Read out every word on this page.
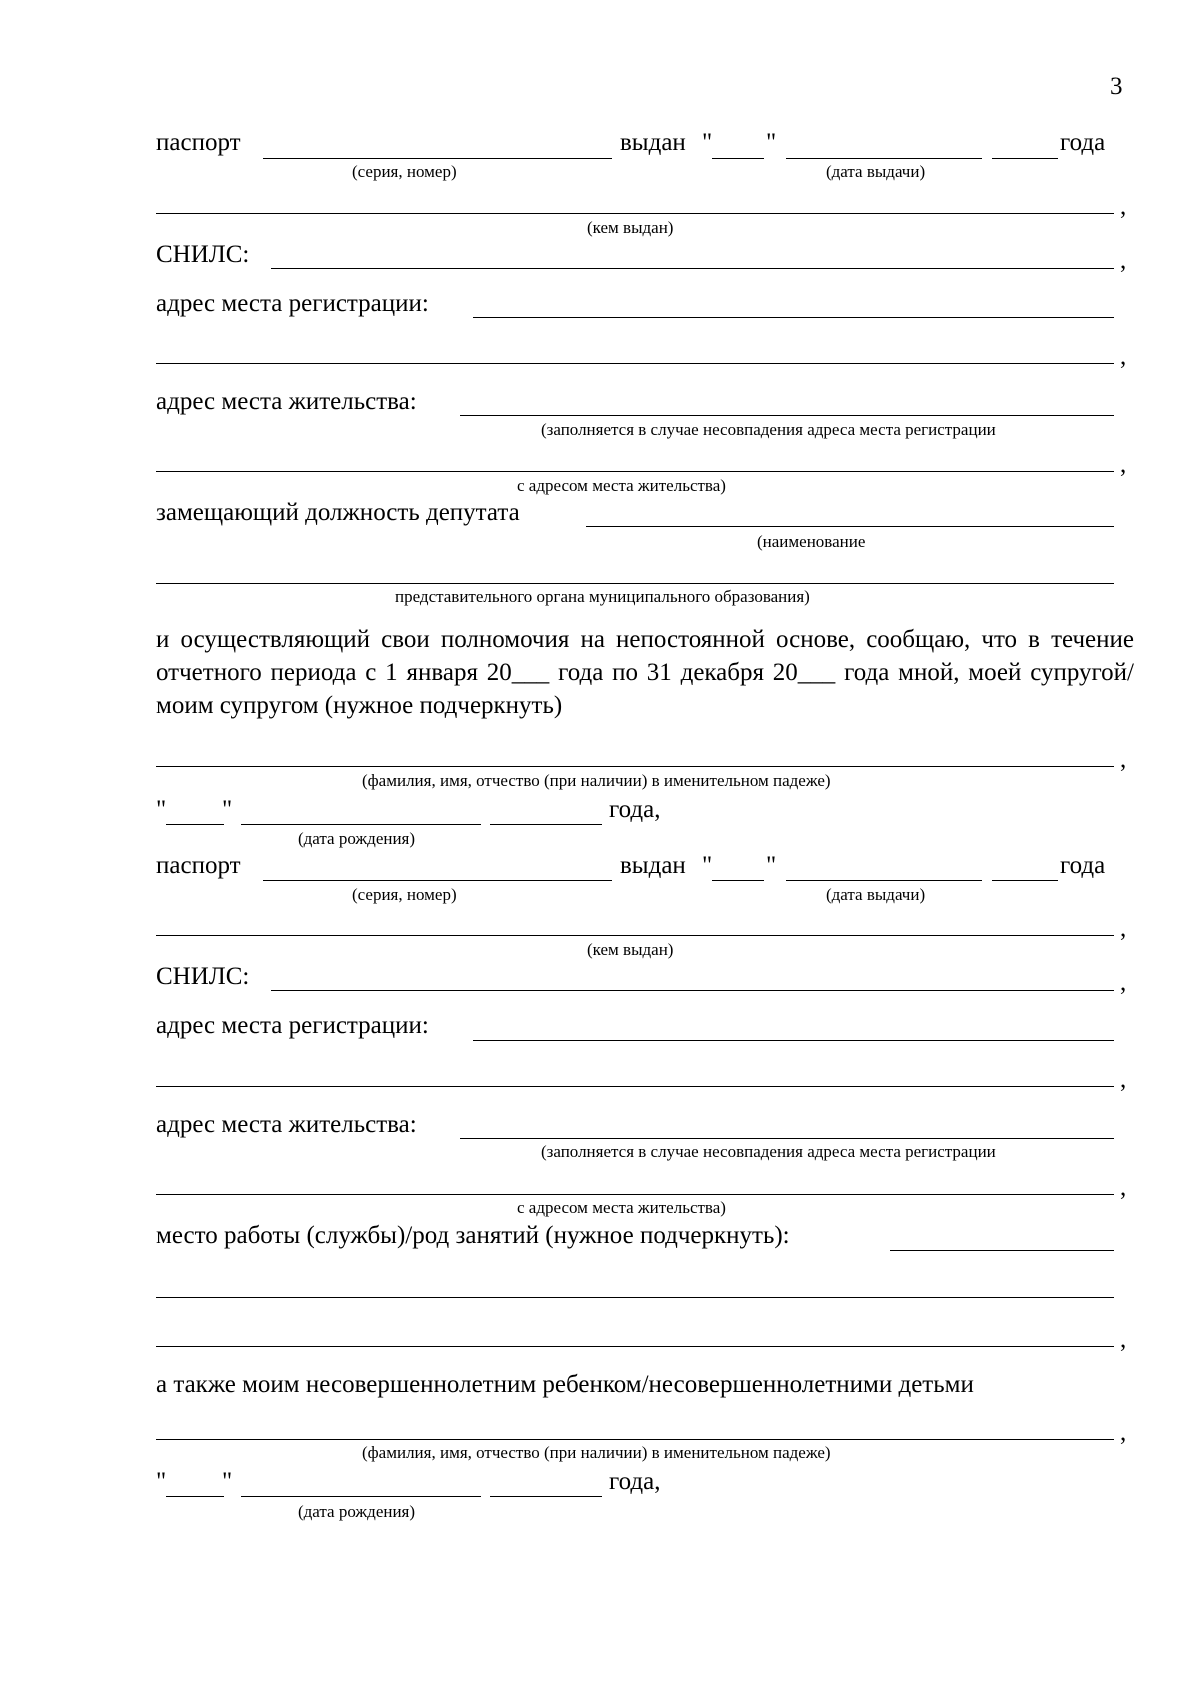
3
паспорт	выдан " "	года
(серия, номер)	(дата выдачи)
,
(кем выдан)
СНИЛС:	,
адрес места регистрации:
,
адрес места жительства:
(заполняется в случае несовпадения адреса места регистрации
,
с адресом места жительства)
замещающий должность депутата
(наименование
представительного органа муниципального образования)
и осуществляющий свои полномочия на непостоянной основе, сообщаю, что в течение отчетного периода с 1 января 20___ года по 31 декабря 20___ года мной, моей супругой/моим супругом (нужное подчеркнуть)
,
(фамилия, имя, отчество (при наличии) в именительном падеже)
" "	года,
(дата рождения)
паспорт	выдан " "	года
(серия, номер)	(дата выдачи)
,
(кем выдан)
СНИЛС:	,
адрес места регистрации:
,
адрес места жительства:
(заполняется в случае несовпадения адреса места регистрации
,
с адресом места жительства)
место работы (службы)/род занятий (нужное подчеркнуть):
,
а также моим несовершеннолетним ребенком/несовершеннолетними детьми
,
(фамилия, имя, отчество (при наличии) в именительном падеже)
" "	года,
(дата рождения)
